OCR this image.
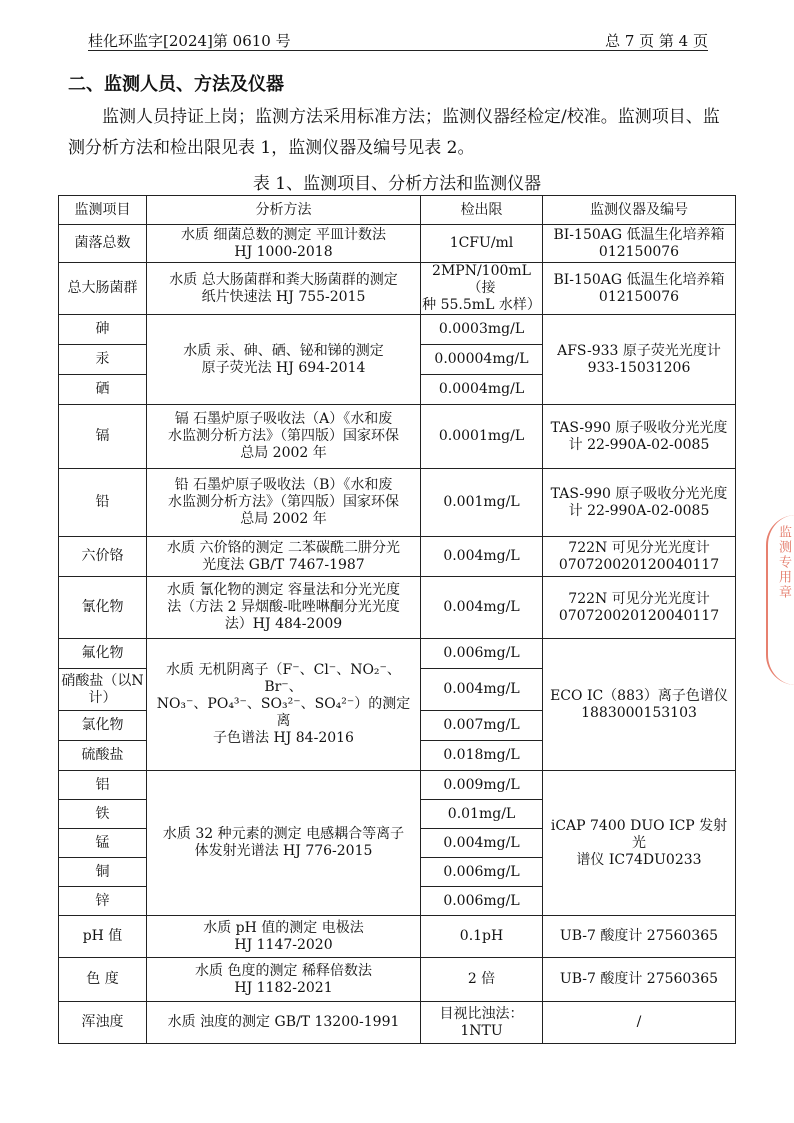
桂化环监字[2024]第 0610 号	总 7 页 第 4 页
二、监测人员、方法及仪器
监测人员持证上岗；监测方法采用标准方法；监测仪器经检定/校准。监测项目、监测分析方法和检出限见表 1，监测仪器及编号见表 2。
表 1、监测项目、分析方法和监测仪器
监测项目	分析方法	检出限	监测仪器及编号
菌落总数	水质 细菌总数的测定 平皿计数法
HJ 1000-2018	1CFU/ml	BI-150AG 低温生化培养箱
012150076

总大肠菌群	水质 总大肠菌群和粪大肠菌群的测定
纸片快速法 HJ 755-2015	2MPN/100mL（接
种 55.5mL 水样）	BI-150AG 低温生化培养箱
012150076

砷	水质 汞、砷、硒、铋和锑的测定
原子荧光法 HJ 694-2014	0.0003mg/L	AFS-933 原子荧光光度计
933-15031206

汞		0.00004mg/L	
硒		0.0004mg/L	
镉	镉 石墨炉原子吸收法（A）《水和废
水监测分析方法》（第四版）国家环保
总局 2002 年	0.0001mg/L	TAS-990 原子吸收分光光度
计 22-990A-02-0085

铅	铅 石墨炉原子吸收法（B）《水和废
水监测分析方法》（第四版）国家环保
总局 2002 年	0.001mg/L	TAS-990 原子吸收分光光度
计 22-990A-02-0085

六价铬	水质 六价铬的测定 二苯碳酰二肼分光
光度法 GB/T 7467-1987	0.004mg/L	722N 可见分光光度计
070720020120040117

氰化物	水质 氰化物的测定 容量法和分光光度
法（方法 2 异烟酸-吡唑啉酮分光光度
法）HJ 484-2009	0.004mg/L	722N 可见分光光度计
070720020120040117

氟化物	水质 无机阴离子（F⁻、Cl⁻、NO₂⁻、Br⁻、
NO₃⁻、PO₄³⁻、SO₃²⁻、SO₄²⁻）的测定 离
子色谱法 HJ 84-2016	0.006mg/L	ECO IC（883）离子色谱仪
1883000153103

硝酸盐（以N计）		0.004mg/L	
氯化物		0.007mg/L	
硫酸盐		0.018mg/L	
铝	水质 32 种元素的测定 电感耦合等离子
体发射光谱法 HJ 776-2015	0.009mg/L	iCAP 7400 DUO ICP 发射光
谱仪 IC74DU0233

铁		0.01mg/L	
锰		0.004mg/L	
铜		0.006mg/L	
锌		0.006mg/L	
pH 值	水质 pH 值的测定 电极法
HJ 1147-2020	0.1pH	UB-7 酸度计 27560365
色 度	水质 色度的测定 稀释倍数法
HJ 1182-2021	2 倍	UB-7 酸度计 27560365
浑浊度	水质 浊度的测定 GB/T 13200-1991	目视比浊法：
1NTU	/
监测专用章
